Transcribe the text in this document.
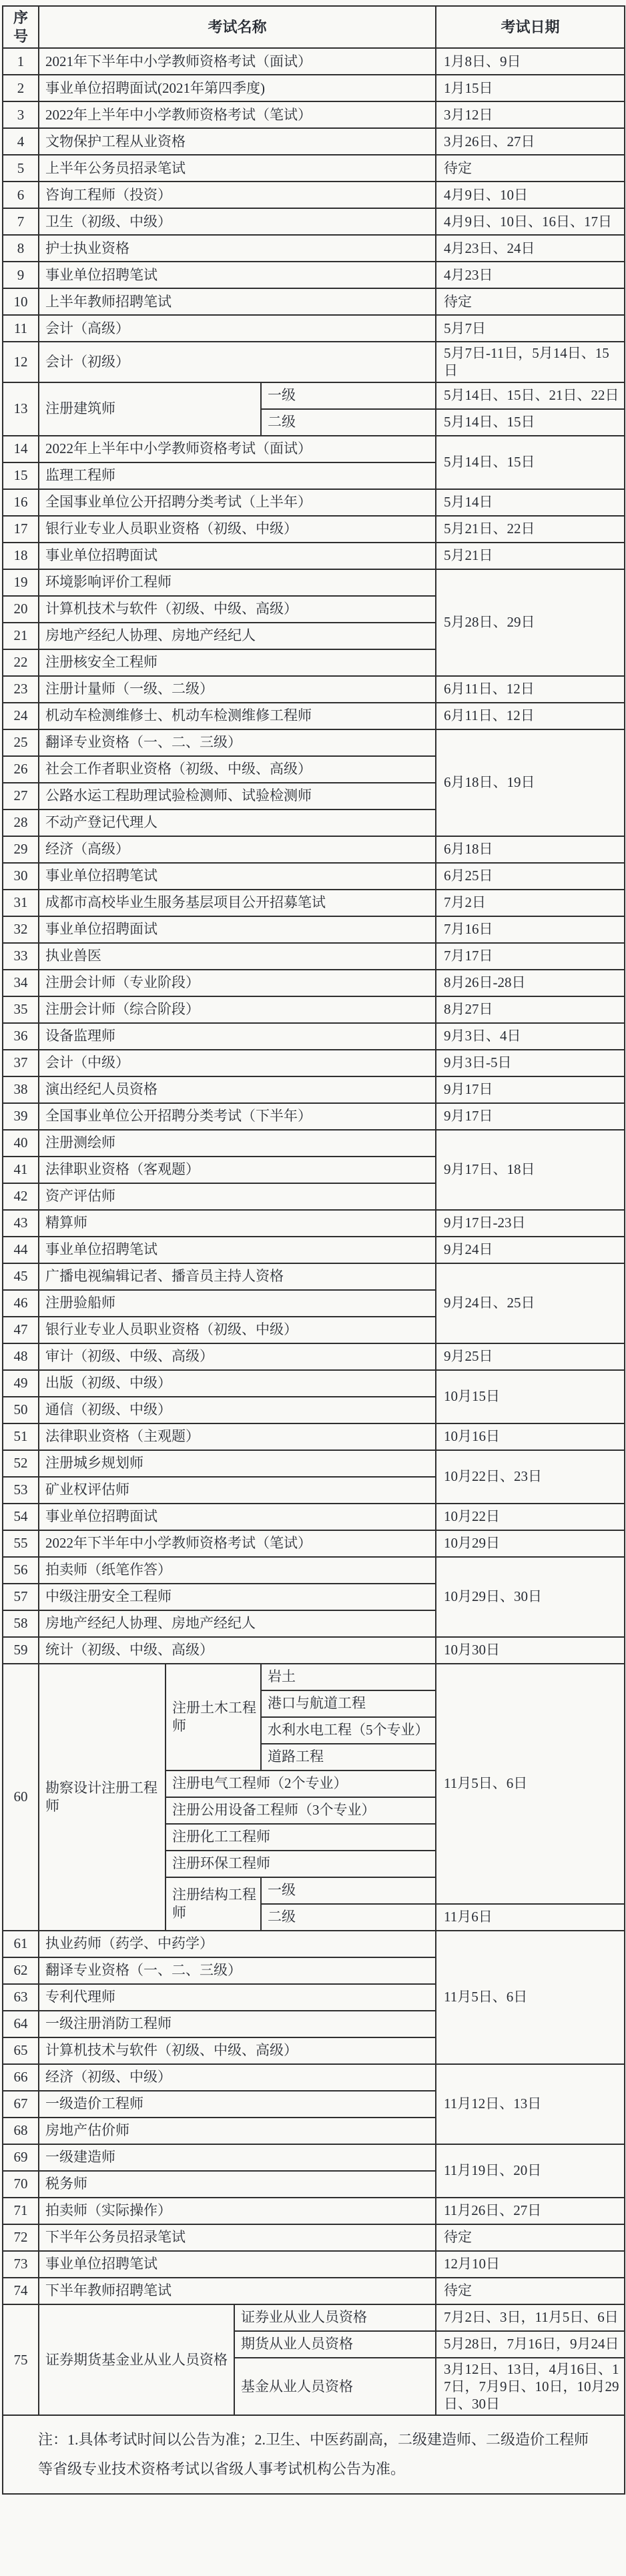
序号	考试名称				考试日期
1	2021年下半年中小学教师资格考试（面试）				1月8日、9日
2	事业单位招聘面试(2021年第四季度)				1月15日
3	2022年上半年中小学教师资格考试（笔试）				3月12日
4	文物保护工程从业资格				3月26日、27日
5	上半年公务员招录笔试				待定
6	咨询工程师（投资）				4月9日、10日
7	卫生（初级、中级）				4月9日、10日、16日、17日
8	护士执业资格				4月23日、24日
9	事业单位招聘笔试				4月23日
10	上半年教师招聘笔试				待定
11	会计（高级）				5月7日
12	会计（初级）				5月7日-11日，5月14日、15日
13	注册建筑师			一级	5月14日、15日、21日、22日
				二级	5月14日、15日
14	2022年上半年中小学教师资格考试（面试）				5月14日、15日
15	监理工程师				
16	全国事业单位公开招聘分类考试（上半年）				5月14日
17	银行业专业人员职业资格（初级、中级）				5月21日、22日
18	事业单位招聘面试				5月21日
19	环境影响评价工程师				5月28日、29日
20	计算机技术与软件（初级、中级、高级）				
21	房地产经纪人协理、房地产经纪人				
22	注册核安全工程师				
23	注册计量师（一级、二级）				6月11日、12日
24	机动车检测维修士、机动车检测维修工程师				6月11日、12日
25	翻译专业资格（一、二、三级）				6月18日、19日
26	社会工作者职业资格（初级、中级、高级）				
27	公路水运工程助理试验检测师、试验检测师				
28	不动产登记代理人				
29	经济（高级）				6月18日
30	事业单位招聘笔试				6月25日
31	成都市高校毕业生服务基层项目公开招募笔试				7月2日
32	事业单位招聘面试				7月16日
33	执业兽医				7月17日
34	注册会计师（专业阶段）				8月26日-28日
35	注册会计师（综合阶段）				8月27日
36	设备监理师				9月3日、4日
37	会计（中级）				9月3日-5日
38	演出经纪人员资格				9月17日
39	全国事业单位公开招聘分类考试（下半年）				9月17日
40	注册测绘师				9月17日、18日
41	法律职业资格（客观题）				
42	资产评估师				
43	精算师				9月17日-23日
44	事业单位招聘笔试				9月24日
45	广播电视编辑记者、播音员主持人资格				9月24日、25日
46	注册验船师				
47	银行业专业人员职业资格（初级、中级）				
48	审计（初级、中级、高级）				9月25日
49	出版（初级、中级）				10月15日
50	通信（初级、中级）				
51	法律职业资格（主观题）				10月16日
52	注册城乡规划师				10月22日、23日
53	矿业权评估师				
54	事业单位招聘面试				10月22日
55	2022年下半年中小学教师资格考试（笔试）				10月29日
56	拍卖师（纸笔作答）				10月29日、30日
57	中级注册安全工程师				
58	房地产经纪人协理、房地产经纪人				
59	统计（初级、中级、高级）				10月30日
60	勘察设计注册工程师	注册土木工程师		岩土	11月5日、6日
				港口与航道工程	
				水利水电工程（5个专业）	
				道路工程	
		注册电气工程师（2个专业）			
		注册公用设备工程师（3个专业）			
		注册化工工程师			
		注册环保工程师			
		注册结构工程师		一级	
				二级	11月6日
61	执业药师（药学、中药学）				11月5日、6日
62	翻译专业资格（一、二、三级）				
63	专利代理师				
64	一级注册消防工程师				
65	计算机技术与软件（初级、中级、高级）				
66	经济（初级、中级）				11月12日、13日
67	一级造价工程师				
68	房地产估价师				
69	一级建造师				11月19日、20日
70	税务师				
71	拍卖师（实际操作）				11月26日、27日
72	下半年公务员招录笔试				待定
73	事业单位招聘笔试				12月10日
74	下半年教师招聘笔试				待定
75	证券期货基金业从业人员资格		证券业从业人员资格		7月2日、3日，11月5日、6日
			期货从业人员资格		5月28日，7月16日，9月24日
			基金从业人员资格		3月12日、13日，4月16日、17日，7月9日、10日，10月29日、30日
注：1.具体考试时间以公告为准；2.卫生、中医药副高，二级建造师、二级造价工程师等省级专业技术资格考试以省级人事考试机构公告为准。					
